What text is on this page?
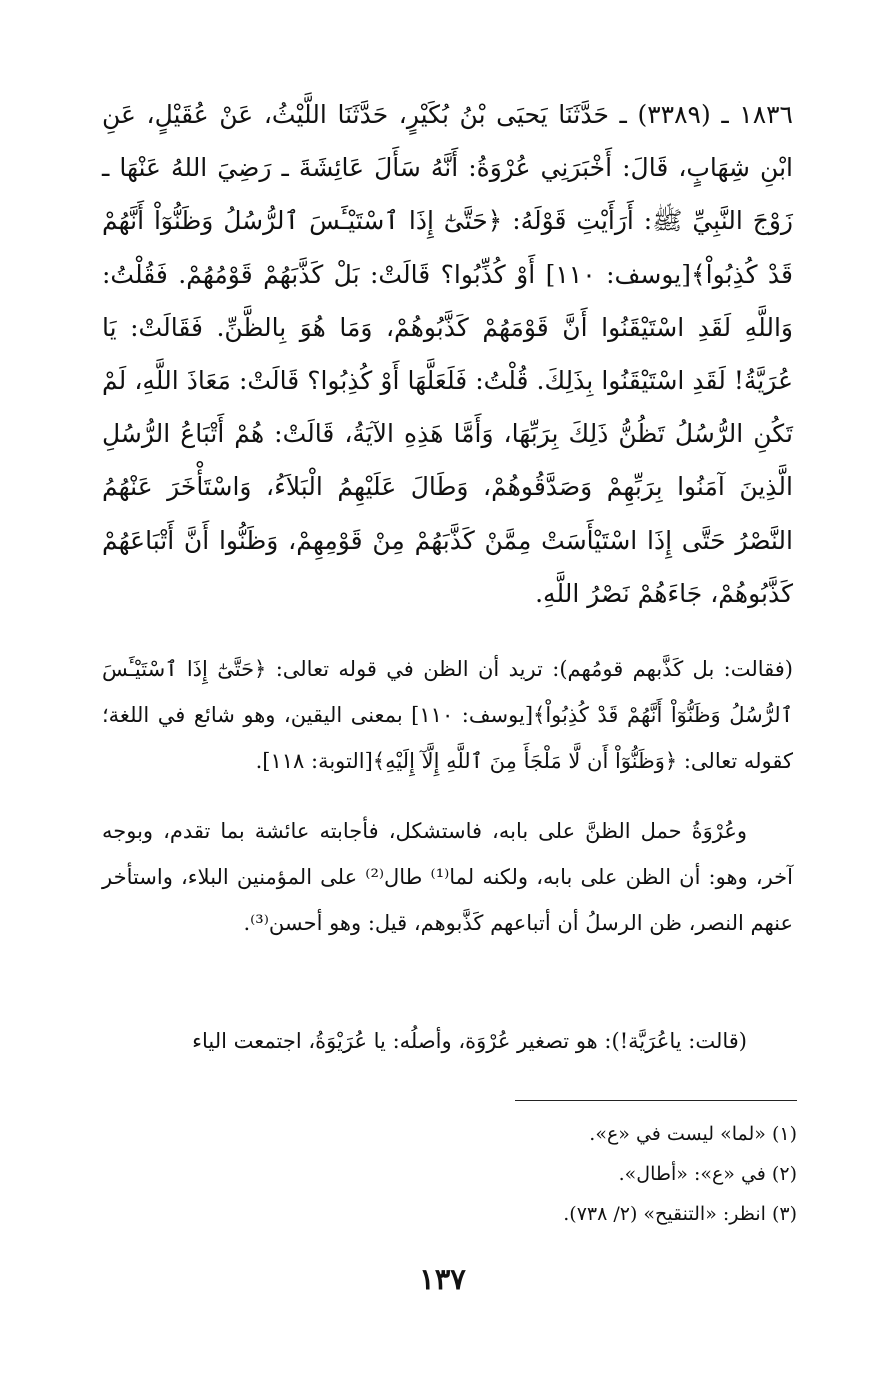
١٨٣٦ ـ (٣٣٨٩) ـ حَدَّثَنَا يَحيَى بْنُ بُكَيْرٍ، حَدَّثَنَا اللَّيْثُ، عَنْ عُقَيْلٍ، عَنِ ابْنِ شِهَابٍ، قَالَ: أَخْبَرَنِي عُرْوَةُ: أَنَّهُ سَأَلَ عَائِشَةَ ـ رَضِيَ اللهُ عَنْهَا ـ زَوْجَ النَّبِيِّ ﷺ: أَرَأَيْتِ قَوْلَهُ: ﴿حَتَّىٰٓ إِذَا ٱسْتَيْـَٔسَ ٱلرُّسُلُ وَظَنُّوٓاْ أَنَّهُمْ قَدْ كُذِبُواْ﴾[يوسف: ١١٠] أَوْ كُذِّبُوا؟ قَالَتْ: بَلْ كَذَّبَهُمْ قَوْمُهُمْ. فَقُلْتُ: وَاللَّهِ لَقَدِ اسْتَيْقَنُوا أَنَّ قَوْمَهُمْ كَذَّبُوهُمْ، وَمَا هُوَ بِالظَّنِّ. فَقَالَتْ: يَا عُرَيَّةُ! لَقَدِ اسْتَيْقَنُوا بِذَلِكَ. قُلْتُ: فَلَعَلَّهَا أَوْ كُذِبُوا؟ قَالَتْ: مَعَاذَ اللَّهِ، لَمْ تَكُنِ الرُّسُلُ تَظُنُّ ذَلِكَ بِرَبِّهَا، وَأَمَّا هَذِهِ الآيَةُ، قَالَتْ: هُمْ أَتْبَاعُ الرُّسُلِ الَّذِينَ آمَنُوا بِرَبِّهِمْ وَصَدَّقُوهُمْ، وَطَالَ عَلَيْهِمُ الْبَلاَءُ، وَاسْتَأْخَرَ عَنْهُمُ النَّصْرُ حَتَّى إِذَا اسْتَيْأَسَتْ مِمَّنْ كَذَّبَهُمْ مِنْ قَوْمِهِمْ، وَظَنُّوا أَنَّ أَتْبَاعَهُمْ كَذَّبُوهُمْ، جَاءَهُمْ نَصْرُ اللَّهِ.

(فقالت: بل كَذَّبهم قومُهم): تريد أن الظن في قوله تعالى: ﴿حَتَّىٰٓ إِذَا ٱسْتَيْـَٔسَ ٱلرُّسُلُ وَظَنُّوٓاْ أَنَّهُمْ قَدْ كُذِبُواْ﴾[يوسف: ١١٠] بمعنى اليقين، وهو شائع في اللغة؛ كقوله تعالى: ﴿وَظَنُّوٓاْ أَن لَّا مَلْجَأَ مِنَ ٱللَّهِ إِلَّآ إِلَيْهِ﴾[التوبة: ١١٨].

وعُرْوَةُ حمل الظنَّ على بابه، فاستشكل، فأجابته عائشة بما تقدم، وبوجه آخر، وهو: أن الظن على بابه، ولكنه لما⁽¹⁾ طال⁽²⁾ على المؤمنين البلاء، واستأخر عنهم النصر، ظن الرسلُ أن أتباعهم كَذَّبوهم، قيل: وهو أحسن⁽³⁾.

(قالت: ياعُرَيَّة!): هو تصغير عُرْوَة، وأصلُه: يا عُرَيْوَةُ، اجتمعت الياء

(١) «لما» ليست في «ع».
(٢) في «ع»: «أطال».
(٣) انظر: «التنقيح» (٢/ ٧٣٨).
١٣٧
